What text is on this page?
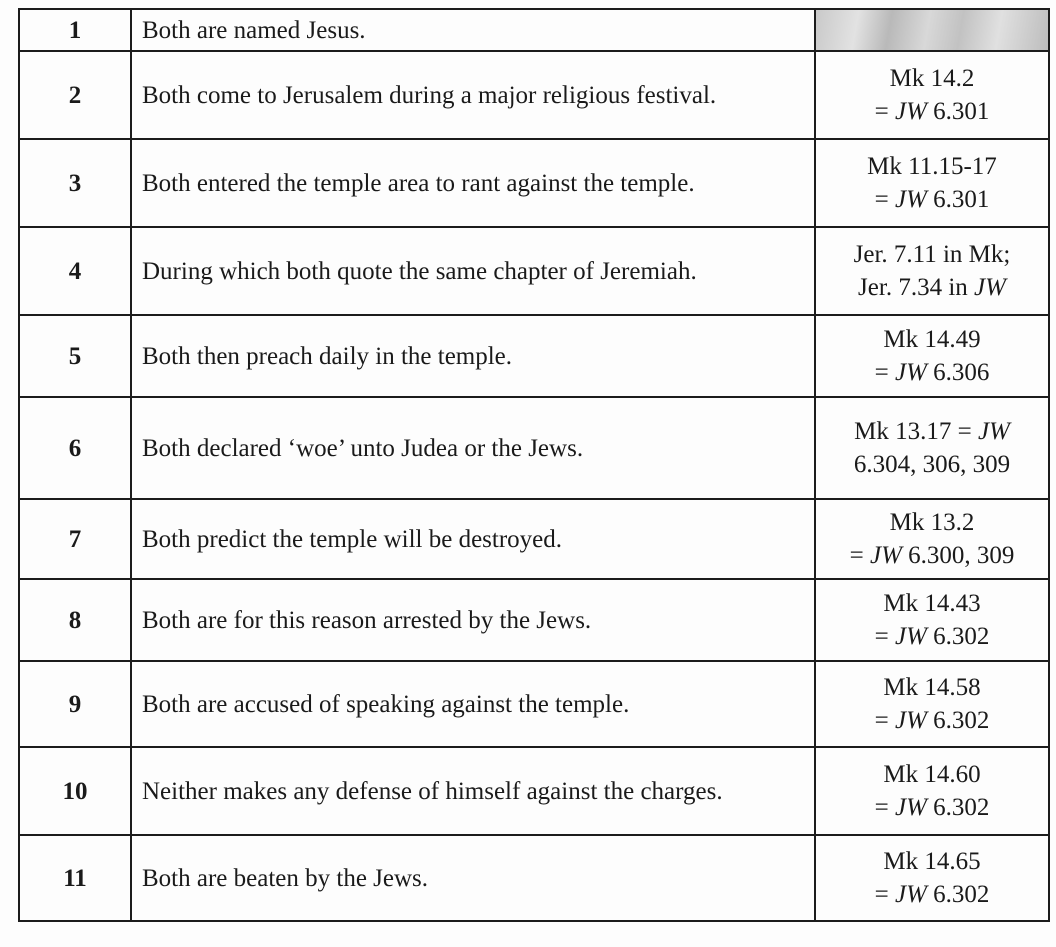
1	Both are named Jesus.	
2	Both come to Jerusalem during a major religious festival.	Mk 14.2
= JW 6.301

3	Both entered the temple area to rant against the temple.	Mk 11.15-17
= JW 6.301

4	During which both quote the same chapter of Jeremiah.	Jer. 7.11 in Mk;
Jer. 7.34 in JW

5	Both then preach daily in the temple.	Mk 14.49
= JW 6.306

6	Both declared ‘woe’ unto Judea or the Jews.	Mk 13.17 = JW
6.304, 306, 309

7	Both predict the temple will be destroyed.	Mk 13.2
= JW 6.300, 309

8	Both are for this reason arrested by the Jews.	Mk 14.43
= JW 6.302

9	Both are accused of speaking against the temple.	Mk 14.58
= JW 6.302

10	Neither makes any defense of himself against the charges.	Mk 14.60
= JW 6.302

11	Both are beaten by the Jews.	Mk 14.65
= JW 6.302
